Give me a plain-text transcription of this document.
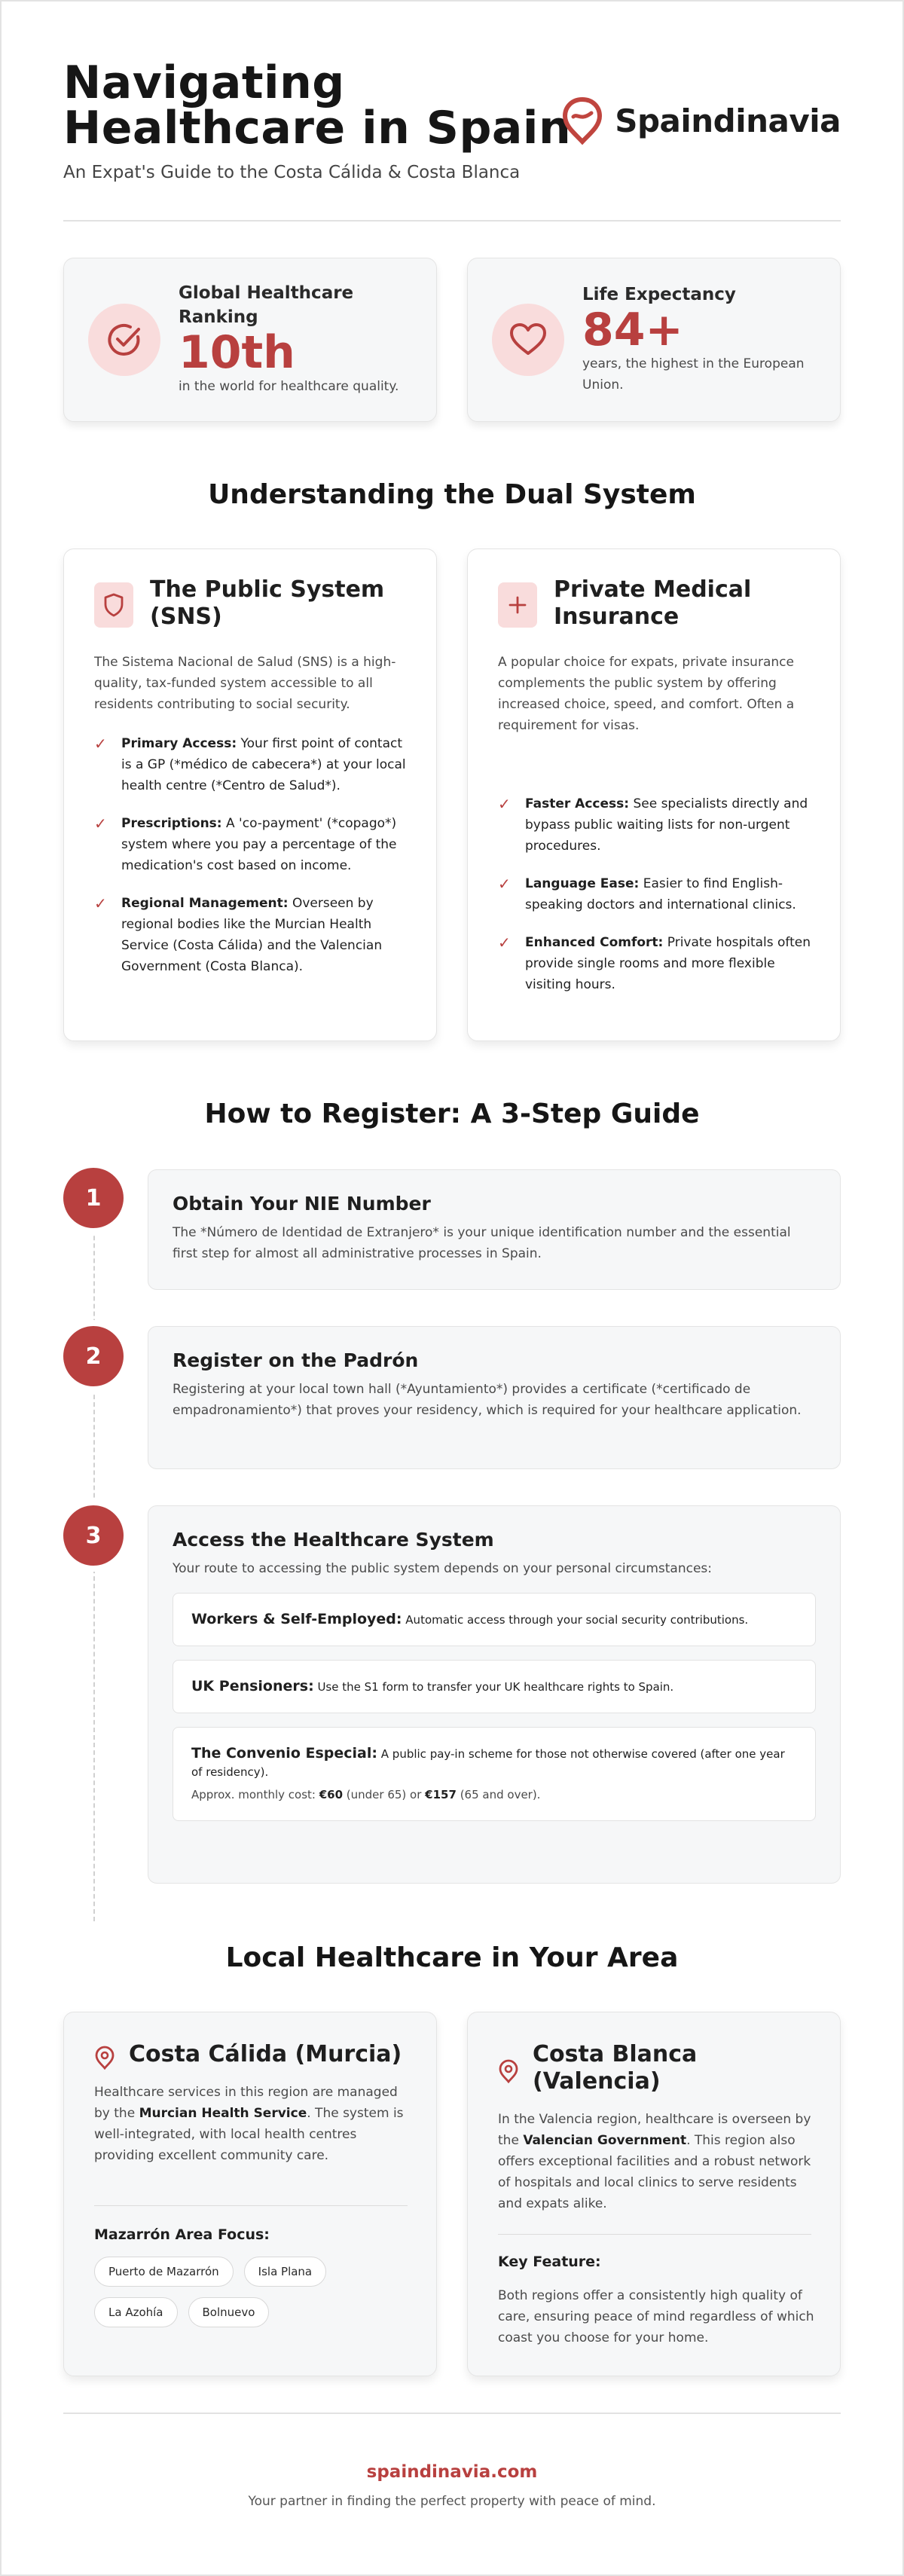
Navigating
Healthcare in Spain
An Expat's Guide to the Costa Cálida & Costa Blanca
Spaindinavia
Global Healthcare Ranking
10th
in the world for healthcare quality.
Life Expectancy
84+
years, the highest in the European Union.
Understanding the Dual System
The Public System (SNS)
The Sistema Nacional de Salud (SNS) is a high-quality, tax-funded system accessible to all residents contributing to social security.
✓	Primary Access: Your first point of contact is a GP (*médico de cabecera*) at your local health centre (*Centro de Salud*).
✓	Prescriptions: A 'co-payment' (*copago*) system where you pay a percentage of the medication's cost based on income.
✓	Regional Management: Overseen by regional bodies like the Murcian Health Service (Costa Cálida) and the Valencian Government (Costa Blanca).
Private Medical Insurance
A popular choice for expats, private insurance complements the public system by offering increased choice, speed, and comfort. Often a requirement for visas.
✓	Faster Access: See specialists directly and bypass public waiting lists for non-urgent procedures.
✓	Language Ease: Easier to find English-speaking doctors and international clinics.
✓	Enhanced Comfort: Private hospitals often provide single rooms and more flexible visiting hours.
How to Register: A 3-Step Guide
1	Obtain Your NIE Number
The *Número de Identidad de Extranjero* is your unique identification number and the essential first step for almost all administrative processes in Spain.
2	Register on the Padrón
Registering at your local town hall (*Ayuntamiento*) provides a certificate (*certificado de empadronamiento*) that proves your residency, which is required for your healthcare application.
3	Access the Healthcare System
Your route to accessing the public system depends on your personal circumstances:
Workers & Self-Employed: Automatic access through your social security contributions.
UK Pensioners: Use the S1 form to transfer your UK healthcare rights to Spain.
The Convenio Especial: A public pay-in scheme for those not otherwise covered (after one year of residency).
Approx. monthly cost: €60 (under 65) or €157 (65 and over).
Local Healthcare in Your Area
Costa Cálida (Murcia)
Healthcare services in this region are managed by the Murcian Health Service. The system is well-integrated, with local health centres providing excellent community care.
Mazarrón Area Focus:
Puerto de Mazarrón	Isla Plana
La Azohía	Bolnuevo
Costa Blanca (Valencia)
In the Valencia region, healthcare is overseen by the Valencian Government. This region also offers exceptional facilities and a robust network of hospitals and local clinics to serve residents and expats alike.
Key Feature:
Both regions offer a consistently high quality of care, ensuring peace of mind regardless of which coast you choose for your home.
spaindinavia.com
Your partner in finding the perfect property with peace of mind.
